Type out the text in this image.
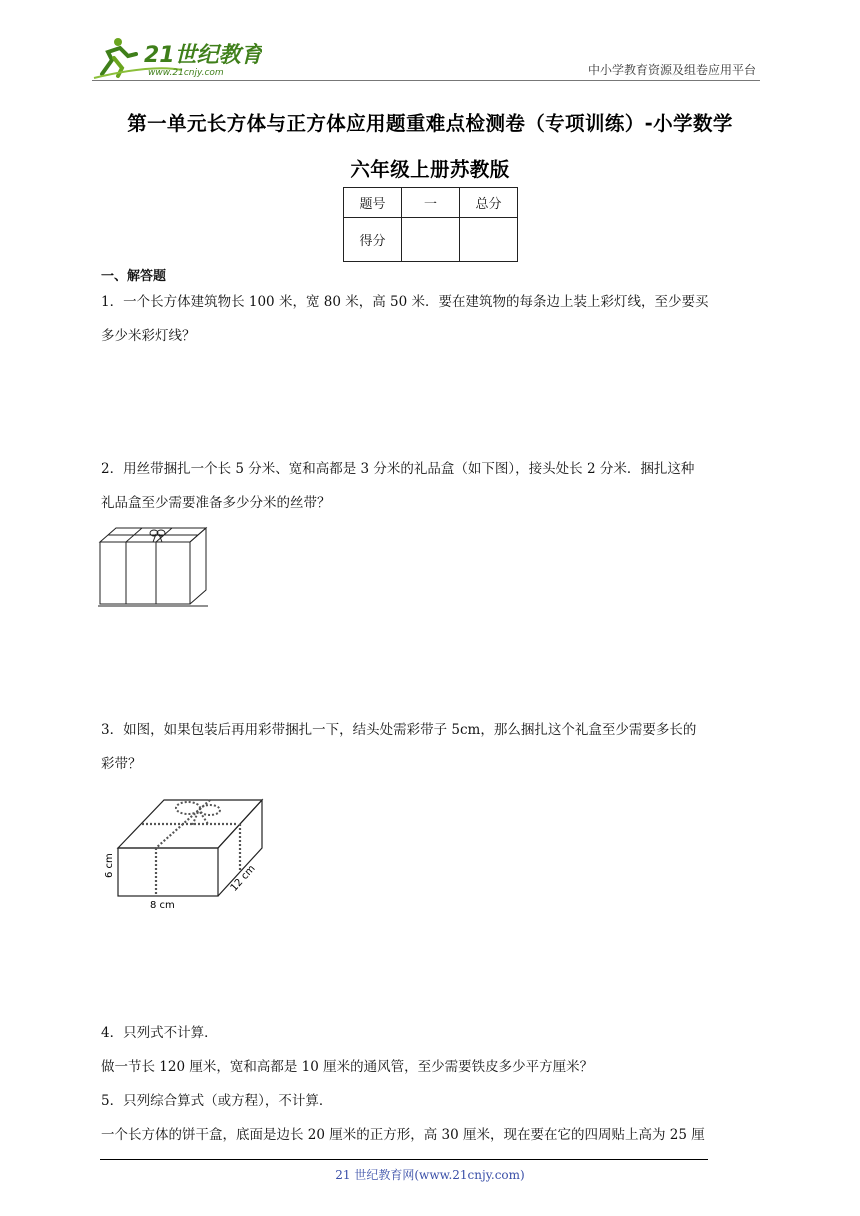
21世纪教育
www.21cnjy.com	中小学教育资源及组卷应用平台
第一单元长方体与正方体应用题重难点检测卷（专项训练）-小学数学
六年级上册苏教版
题号	一	总分
得分		
一、解答题
1．一个长方体建筑物长 100 米，宽 80 米，高 50 米．要在建筑物的每条边上装上彩灯线，至少要买
多少米彩灯线？
2．用丝带捆扎一个长 5 分米、宽和高都是 3 分米的礼品盒（如下图），接头处长 2 分米．捆扎这种
礼品盒至少需要准备多少分米的丝带？
3．如图，如果包装后再用彩带捆扎一下，结头处需彩带子 5cm，那么捆扎这个礼盒至少需要多长的
彩带？
6 cm
8 cm
12 cm
4．只列式不计算．
做一节长 120 厘米，宽和高都是 10 厘米的通风管，至少需要铁皮多少平方厘米？
5．只列综合算式（或方程），不计算．
一个长方体的饼干盒，底面是边长 20 厘米的正方形，高 30 厘米，现在要在它的四周贴上高为 25 厘
21 世纪教育网(www.21cnjy.com)
